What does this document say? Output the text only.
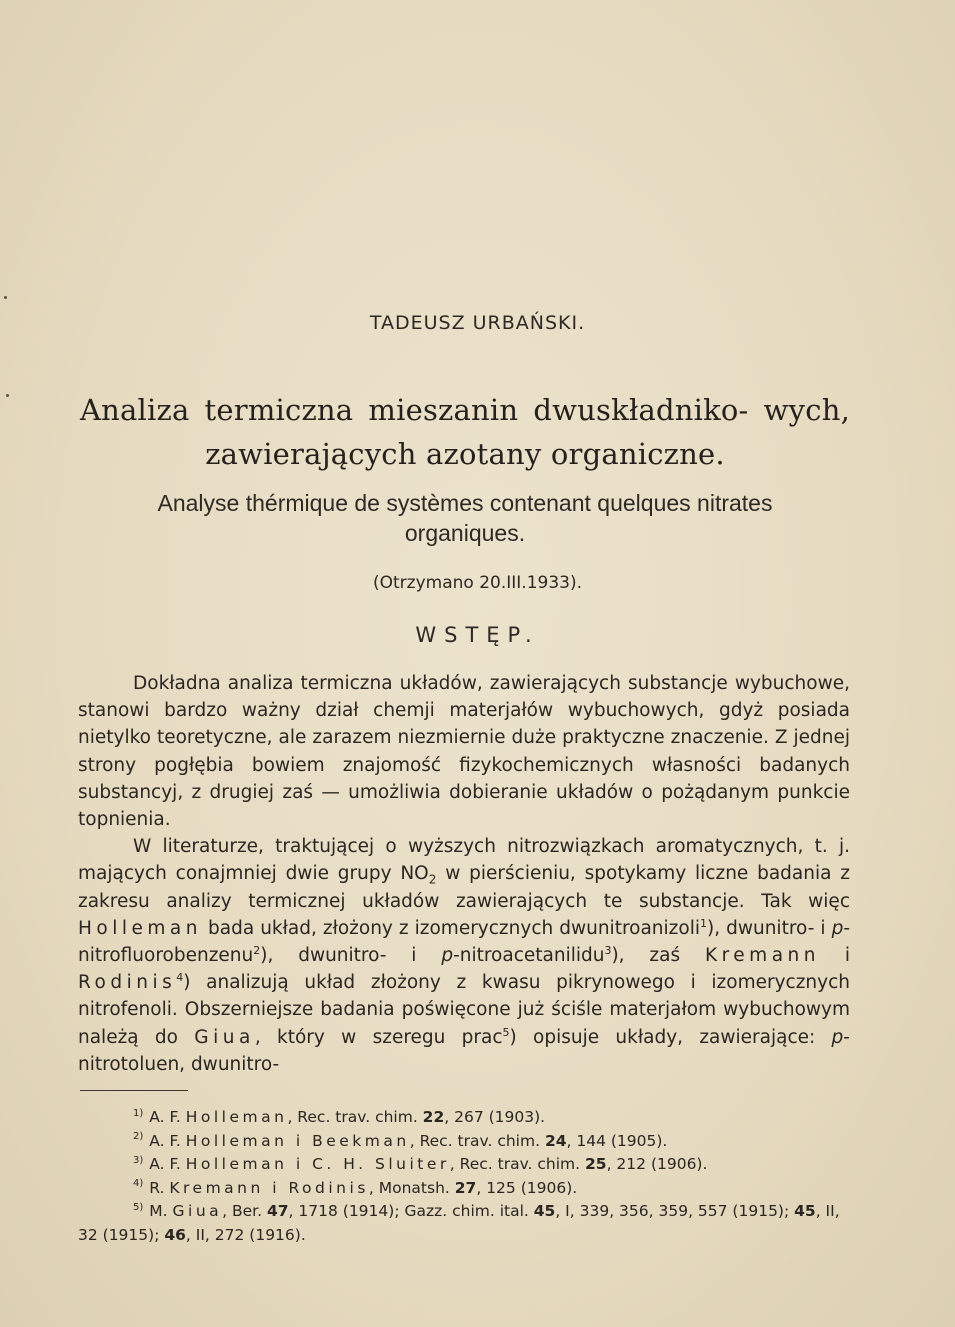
TADEUSZ URBAŃSKI.
Analiza termiczna mieszanin dwuskładniko- wych, zawierających azotany organiczne.
Analyse thérmique de systèmes contenant quelques nitrates organiques.
(Otrzymano 20.III.1933).
WSTĘP.

Dokładna analiza termiczna układów, zawierających substancje wybuchowe, stanowi bardzo ważny dział chemji materjałów wybuchowych, gdyż posiada nietylko teoretyczne, ale zarazem niezmiernie duże praktyczne znaczenie. Z jednej strony pogłębia bowiem znajomość fizykochemicznych własności badanych substancyj, z drugiej zaś — umożliwia dobieranie układów o pożądanym punkcie topnienia.

W literaturze, traktującej o wyższych nitrozwiązkach aromatycznych, t. j. mających conajmniej dwie grupy $NO_2$ w pierścieniu, spotykamy liczne badania z zakresu analizy termicznej układów zawierających te substancje. Tak więc Holleman bada układ, złożony z izomerycznych dwunitroanizoli$^1$), dwunitro- i p-nitrofluorobenzenu$^2$), dwunitro- i p-nitroacetanilidu$^3$), zaś Kremann i Rodinis$^4$) analizują układ złożony z kwasu pikrynowego i izomerycznych nitrofenoli. Obszerniejsze badania poświęcone już ściśle materjałom wybuchowym należą do Giua, który w szeregu prac$^5$) opisuje układy, zawierające: p-nitrotoluen, dwunitro-

$^{1)}$ A. F. Holleman, Rec. trav. chim. 22, 267 (1903).
$^{2)}$ A. F. Holleman i Beekman, Rec. trav. chim. 24, 144 (1905).
$^{3)}$ A. F. Holleman i C. H. Sluiter, Rec. trav. chim. 25, 212 (1906).
$^{4)}$ R. Kremann i Rodinis, Monatsh. 27, 125 (1906).
$^{5)}$ M. Giua, Ber. 47, 1718 (1914); Gazz. chim. ital. 45, I, 339, 356, 359, 557 (1915); 45, II, 32 (1915); 46, II, 272 (1916).
